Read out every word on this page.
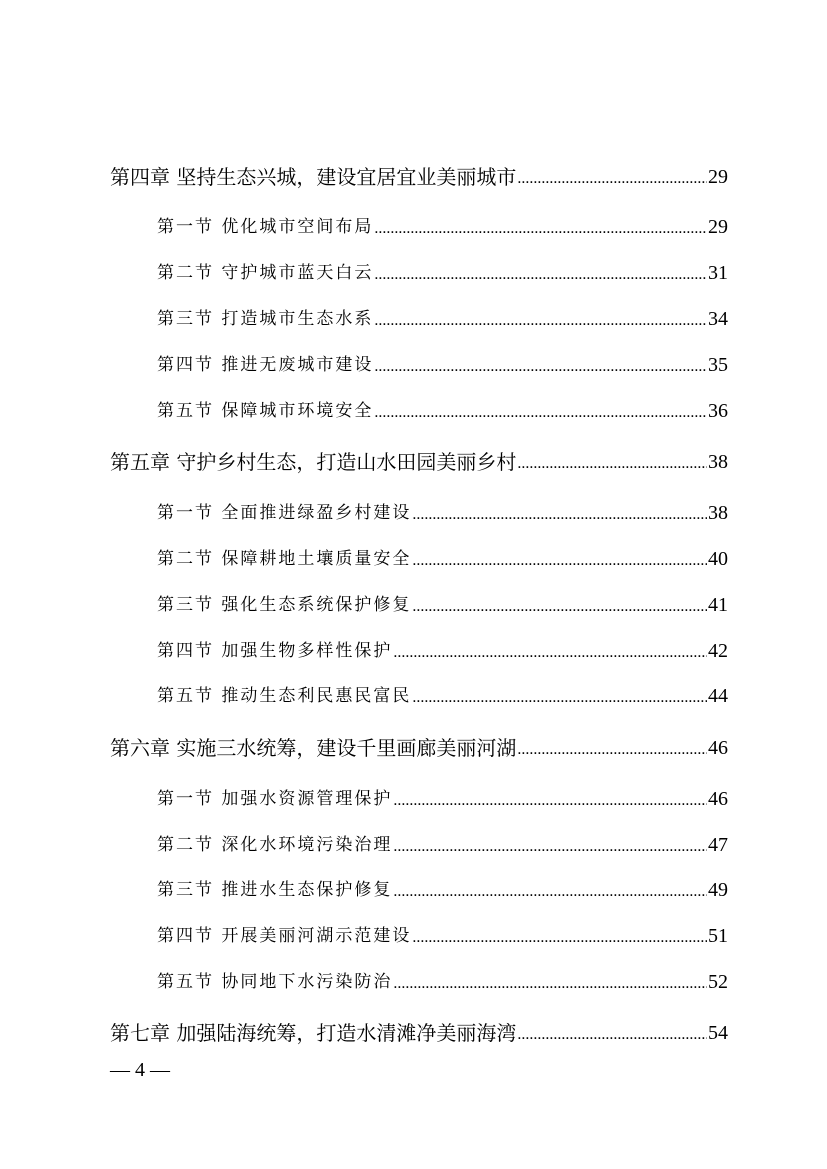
第四章 坚持生态兴城，建设宜居宜业美丽城市 .....	29
第一节 优化城市空间布局 .....	29
第二节 守护城市蓝天白云 .....	31
第三节 打造城市生态水系 .....	34
第四节 推进无废城市建设 .....	35
第五节 保障城市环境安全 .....	36
第五章 守护乡村生态，打造山水田园美丽乡村 .....	38
第一节 全面推进绿盈乡村建设 .....	38
第二节 保障耕地土壤质量安全 .....	40
第三节 强化生态系统保护修复 .....	41
第四节 加强生物多样性保护 .....	42
第五节 推动生态利民惠民富民 .....	44
第六章 实施三水统筹，建设千里画廊美丽河湖 .....	46
第一节 加强水资源管理保护 .....	46
第二节 深化水环境污染治理 .....	47
第三节 推进水生态保护修复 .....	49
第四节 开展美丽河湖示范建设 .....	51
第五节 协同地下水污染防治 .....	52
第七章 加强陆海统筹，打造水清滩净美丽海湾 .....	54
— 4 —
